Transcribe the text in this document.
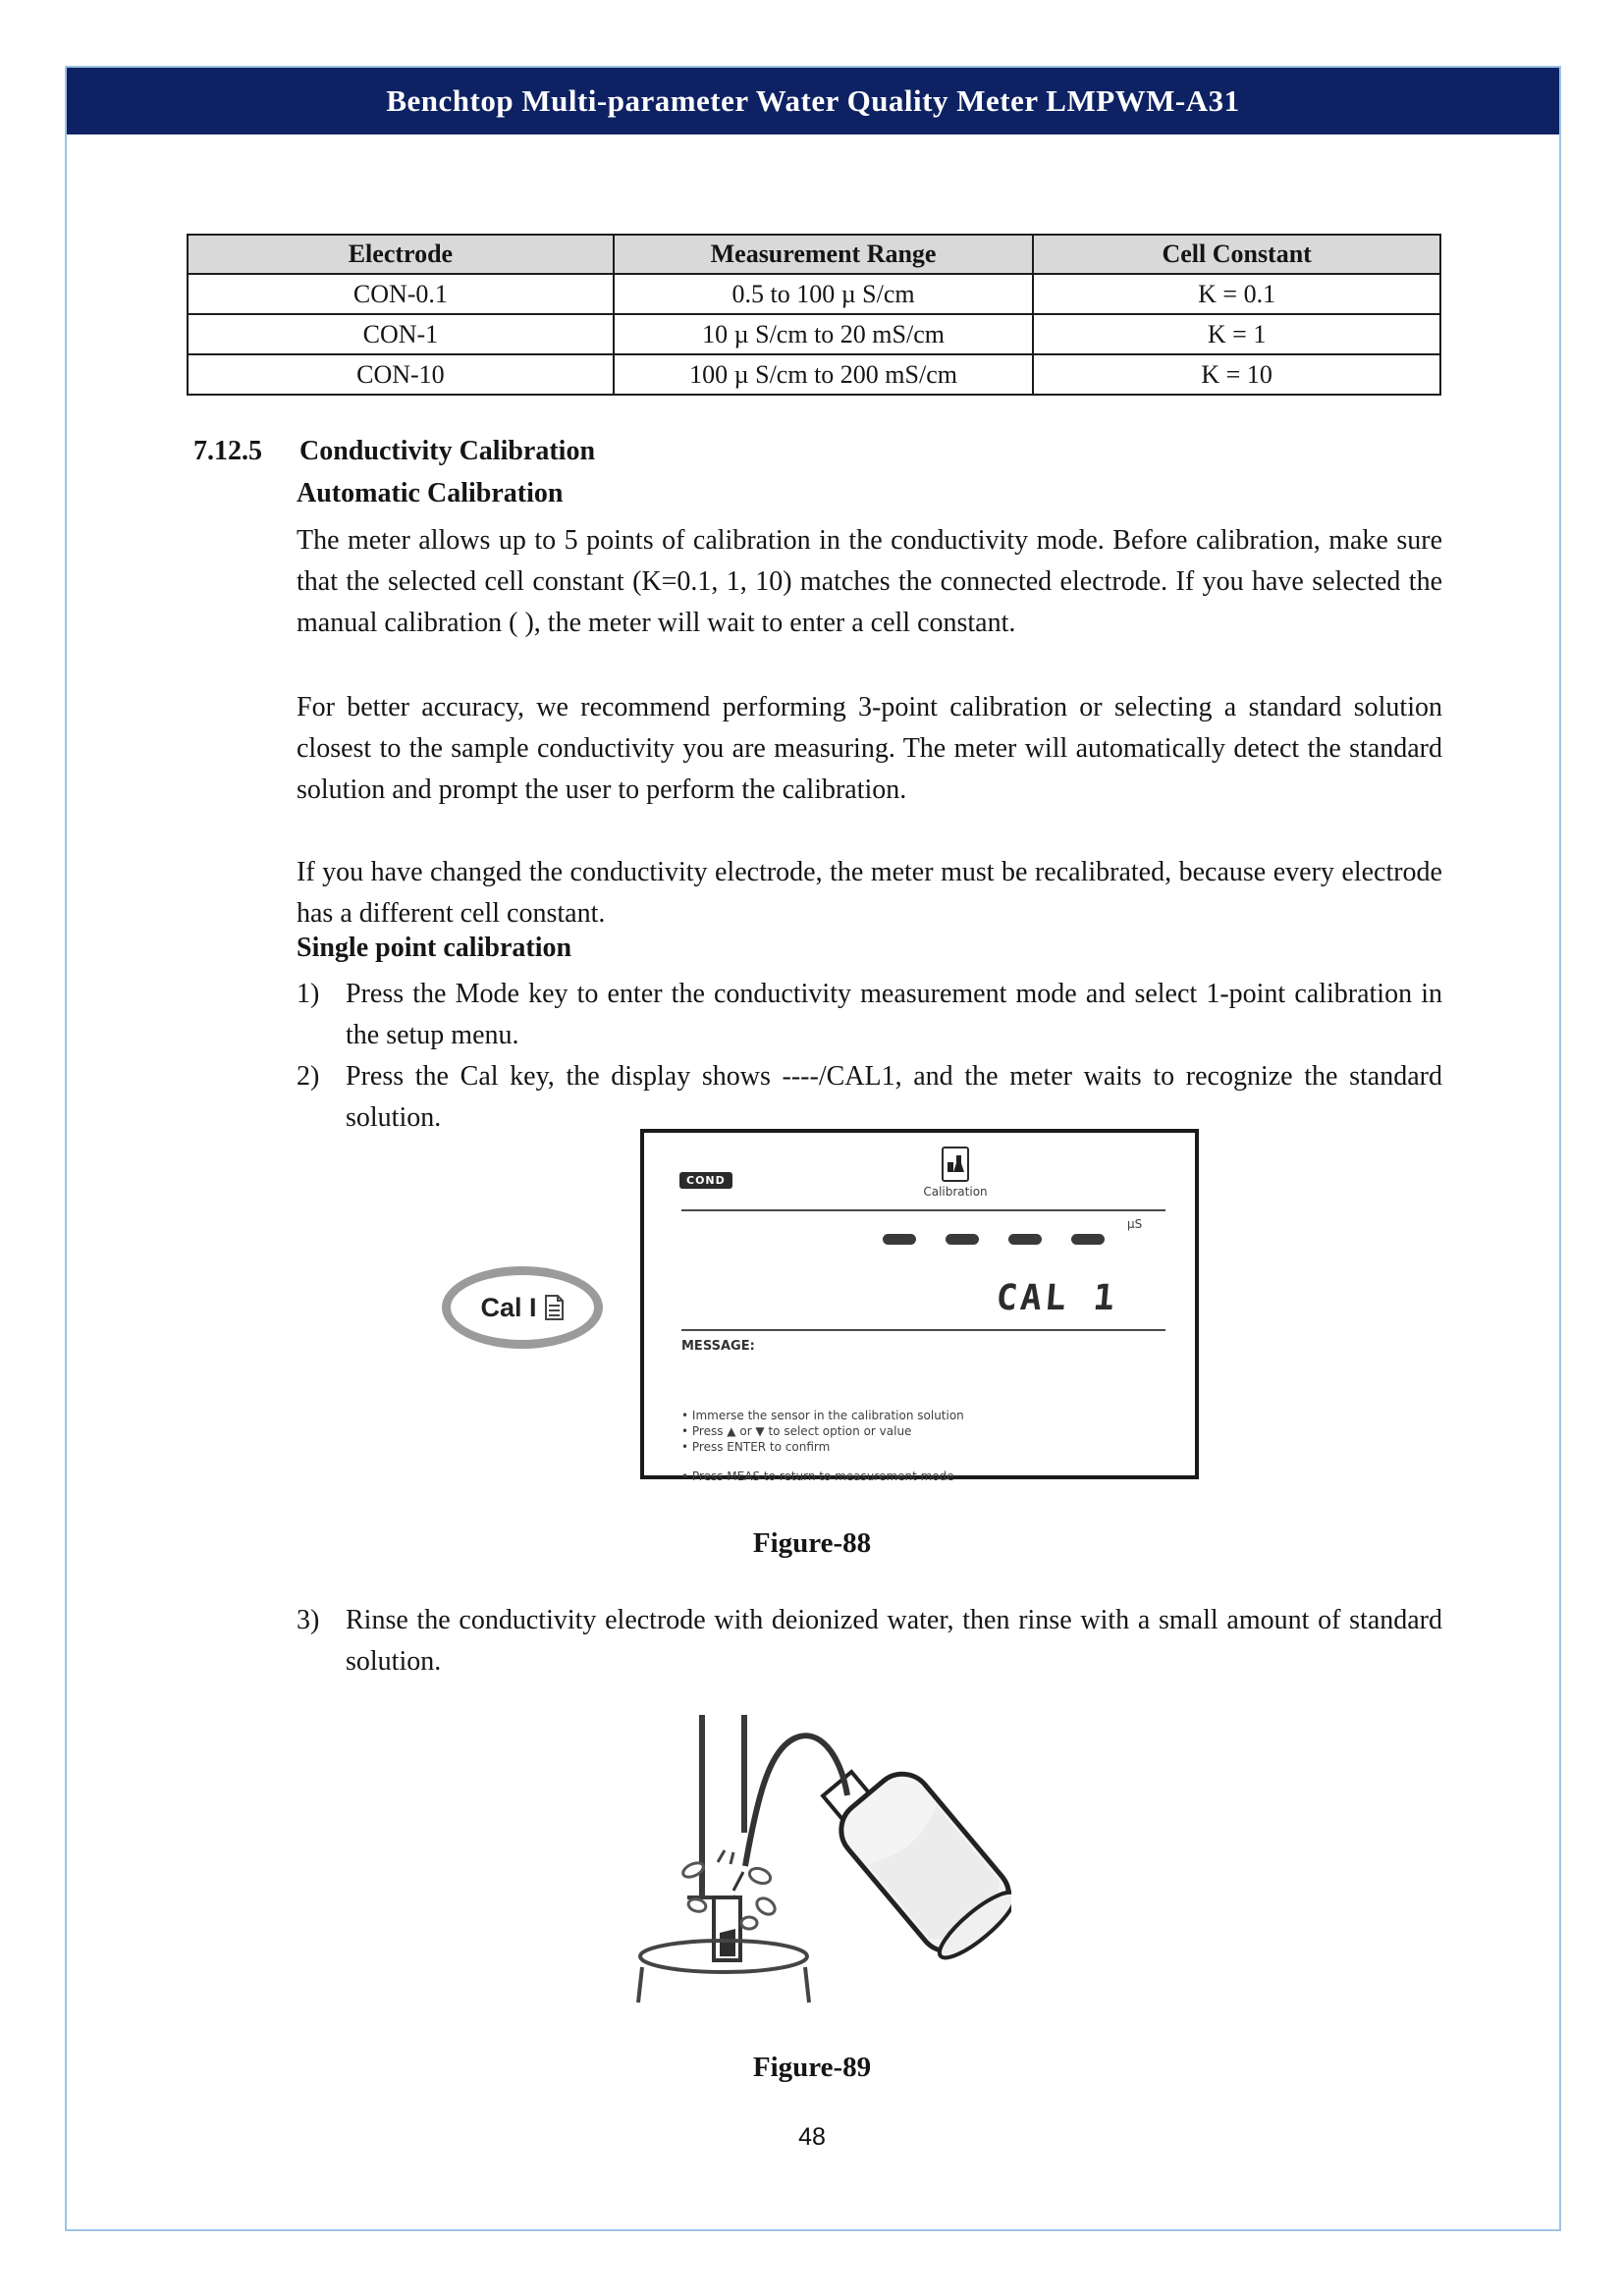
Benchtop Multi-parameter Water Quality Meter LMPWM-A31
Electrode	Measurement Range	Cell Constant
CON-0.1	0.5 to 100 µ S/cm	K = 0.1
CON-1	10 µ S/cm to 20 mS/cm	K = 1
CON-10	100 µ S/cm to 200 mS/cm	K = 10
7.12.5 Conductivity Calibration
Automatic Calibration
The meter allows up to 5 points of calibration in the conductivity mode. Before calibration, make sure that the selected cell constant (K=0.1, 1, 10) matches the connected electrode. If you have selected the manual calibration ( ), the meter will wait to enter a cell constant.
For better accuracy, we recommend performing 3-point calibration or selecting a standard solution closest to the sample conductivity you are measuring. The meter will automatically detect the standard solution and prompt the user to perform the calibration.
If you have changed the conductivity electrode, the meter must be recalibrated, because every electrode has a different cell constant.
Single point calibration
1) Press the Mode key to enter the conductivity measurement mode and select 1-point calibration in the setup menu.
2) Press the Cal key, the display shows ----/CAL1, and the meter waits to recognize the standard solution.
Cal I
COND
Calibration
µS
CAL 1
MESSAGE:
• Immerse the sensor in the calibration solution
• Press ▲ or ▼ to select option or value
• Press ENTER to confirm
• Press MEAS to return to measurement mode
Figure-88
3) Rinse the conductivity electrode with deionized water, then rinse with a small amount of standard solution.
Figure-89
48
